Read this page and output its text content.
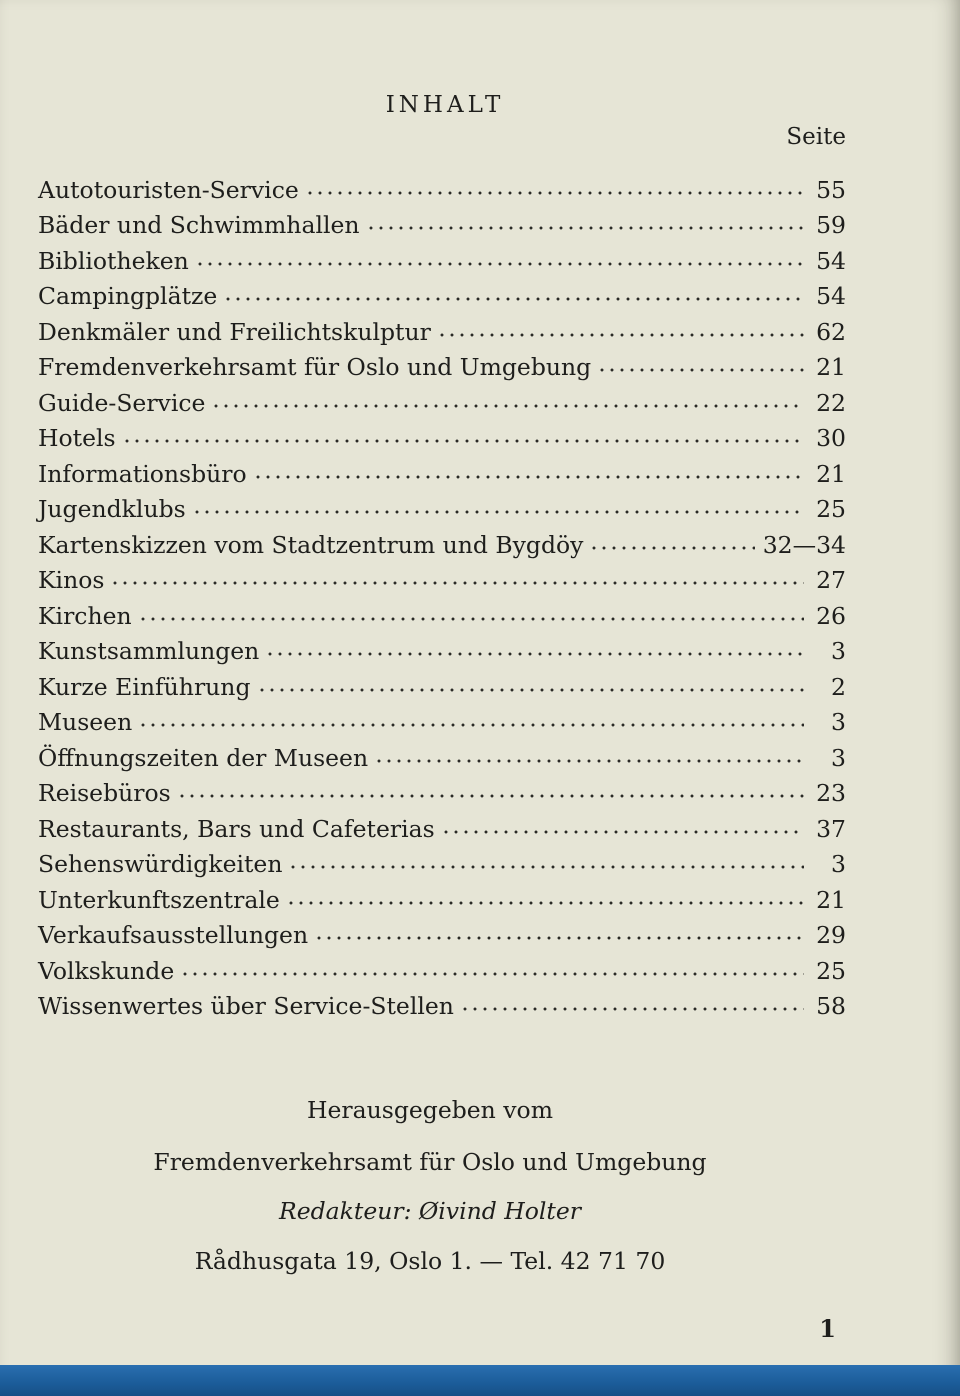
INHALT
Seite
Autotouristen-Service	55
Bäder und Schwimmhallen	59
Bibliotheken	54
Campingplätze	54
Denkmäler und Freilichtskulptur	62
Fremdenverkehrsamt für Oslo und Umgebung	21
Guide-Service	22
Hotels	30
Informationsbüro	21
Jugendklubs	25
Kartenskizzen vom Stadtzentrum und Bygdöy	32—34
Kinos	27
Kirchen	26
Kunstsammlungen	3
Kurze Einführung	2
Museen	3
Öffnungszeiten der Museen	3
Reisebüros	23
Restaurants, Bars und Cafeterias	37
Sehenswürdigkeiten	3
Unterkunftszentrale	21
Verkaufsausstellungen	29
Volkskunde	25
Wissenwertes über Service-Stellen	58
Herausgegeben vom
Fremdenverkehrsamt für Oslo und Umgebung
Redakteur: Øivind Holter
Rådhusgata 19, Oslo 1. — Tel. 42 71 70
1
